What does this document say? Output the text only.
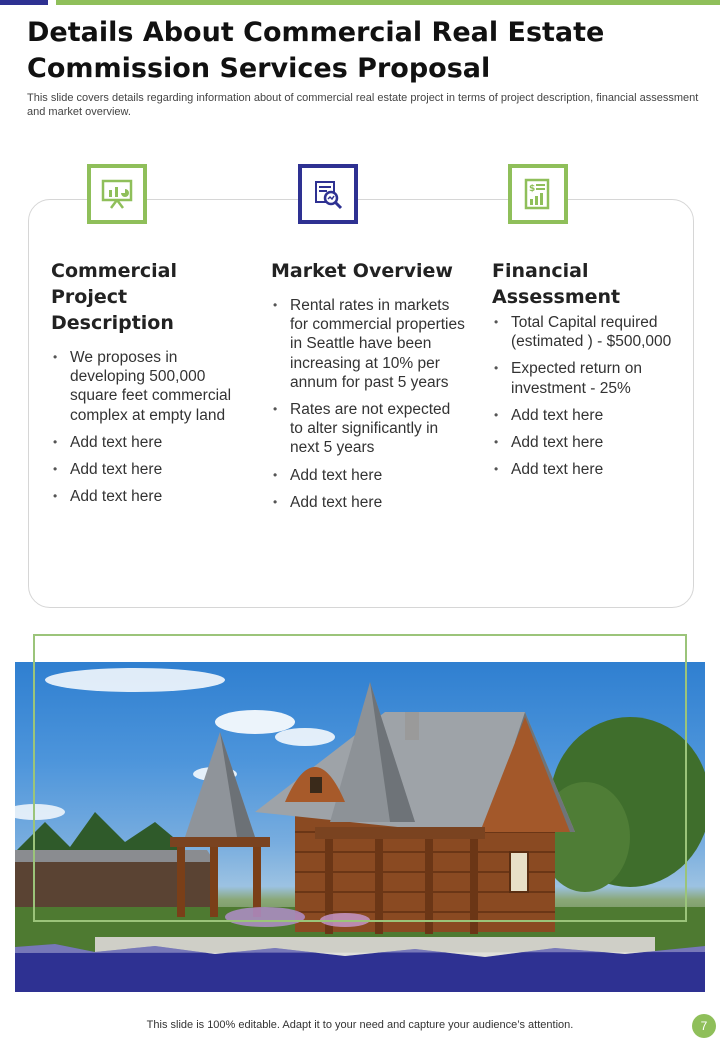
Details About Commercial Real Estate Commission Services Proposal

This slide covers details regarding information about of commercial real estate project in terms of project description, financial assessment and market overview.

$
Commercial Project Description
• We proposes in developing 500,000 square feet commercial complex at empty land
• Add text here
• Add text here
• Add text here
Market Overview
• Rental rates in markets for commercial properties in Seattle have been increasing at 10% per annum for past 5 years
• Rates are not expected to alter significantly in next 5 years
• Add text here
• Add text here
Financial Assessment
• Total Capital required (estimated ) - $500,000
• Expected return on investment - 25%
• Add text here
• Add text here
• Add text here
This slide is 100% editable. Adapt it to your need and capture your audience’s attention.	7
